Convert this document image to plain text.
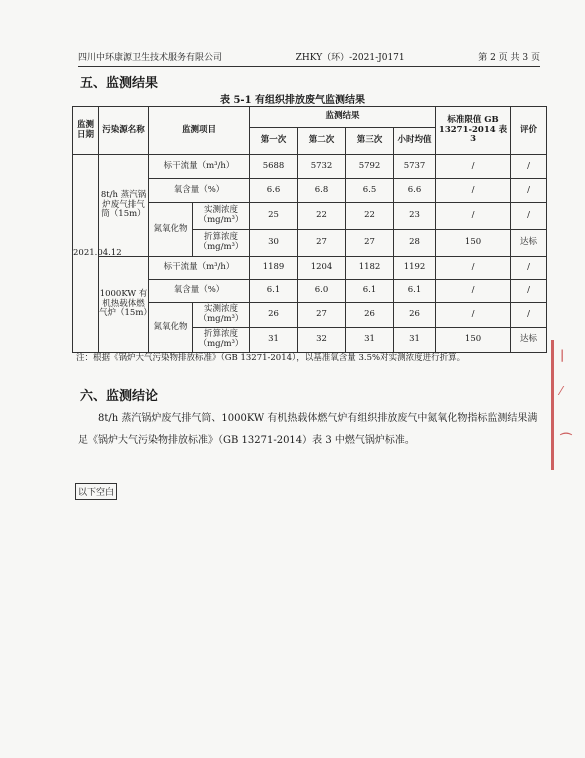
四川中环康源卫生技术服务有限公司	ZHKY（环）-2021-J0171	第 2 页 共 3 页
五、监测结果
表 5-1 有组织排放废气监测结果
监测日期	污染源名称	监测项目		监测结果				标准限值 GB 13271-2014 表 3	评价
				第一次	第二次	第三次	小时均值		
2021.04.12	8t/h 蒸汽锅炉废气排气筒（15m）	标干流量（m³/h）		5688	5732	5792	5737	/	/
		氧含量（%）		6.6	6.8	6.5	6.6	/	/
		氮氧化物	实测浓度（mg/m³）	25	22	22	23	/	/
			折算浓度（mg/m³）	30	27	27	28	150	达标
	1000KW 有机热载体燃气炉（15m）	标干流量（m³/h）		1189	1204	1182	1192	/	/
		氧含量（%）		6.1	6.0	6.1	6.1	/	/
		氮氧化物	实测浓度（mg/m³）	26	27	26	26	/	/
			折算浓度（mg/m³）	31	32	31	31	150	达标
注：根据《锅炉大气污染物排放标准》（GB 13271-2014），以基准氧含量 3.5%对实测浓度进行折算。
六、监测结论
8t/h 蒸汽锅炉废气排气筒、1000KW 有机热载体燃气炉有组织排放废气中氮氧化物指标监测结果满足《锅炉大气污染物排放标准》（GB 13271-2014）表 3 中燃气锅炉标准。
以下空白
|
⁄
⌒
